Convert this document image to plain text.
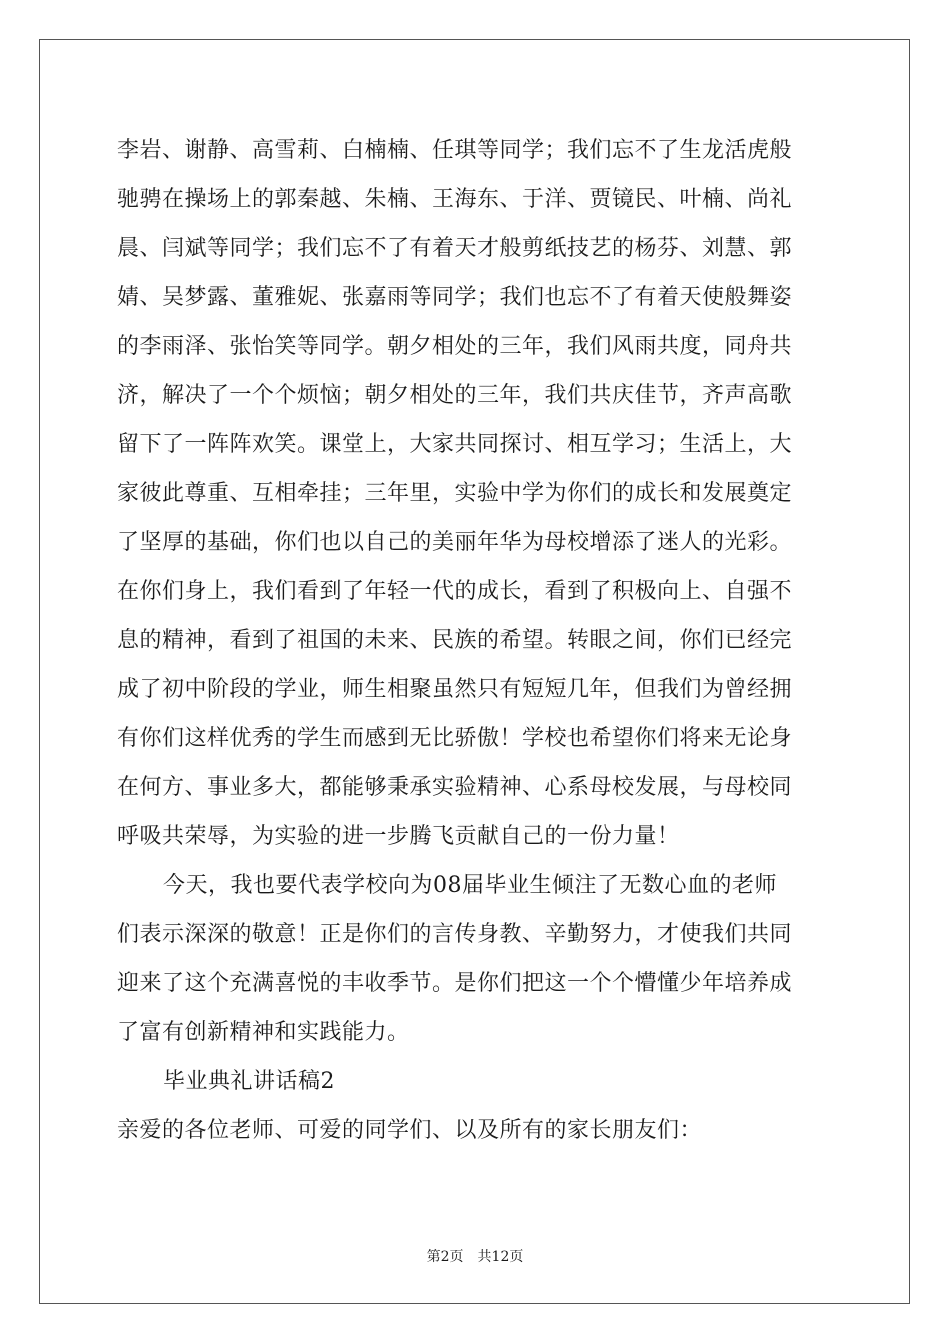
李岩、谢静、高雪莉、白楠楠、任琪等同学；我们忘不了生龙活虎般
驰骋在操场上的郭秦越、朱楠、王海东、于洋、贾镜民、叶楠、尚礼
晨、闫斌等同学；我们忘不了有着天才般剪纸技艺的杨芬、刘慧、郭
婧、吴梦露、董雅妮、张嘉雨等同学；我们也忘不了有着天使般舞姿
的李雨泽、张怡笑等同学。朝夕相处的三年，我们风雨共度，同舟共
济，解决了一个个烦恼；朝夕相处的三年，我们共庆佳节，齐声高歌
留下了一阵阵欢笑。课堂上，大家共同探讨、相互学习；生活上，大
家彼此尊重、互相牵挂；三年里，实验中学为你们的成长和发展奠定
了坚厚的基础，你们也以自己的美丽年华为母校增添了迷人的光彩。
在你们身上，我们看到了年轻一代的成长，看到了积极向上、自强不
息的精神，看到了祖国的未来、民族的希望。转眼之间，你们已经完
成了初中阶段的学业，师生相聚虽然只有短短几年，但我们为曾经拥
有你们这样优秀的学生而感到无比骄傲！学校也希望你们将来无论身
在何方、事业多大，都能够秉承实验精神、心系母校发展，与母校同
呼吸共荣辱，为实验的进一步腾飞贡献自己的一份力量！
今天，我也要代表学校向为08届毕业生倾注了无数心血的老师
们表示深深的敬意！正是你们的言传身教、辛勤努力，才使我们共同
迎来了这个充满喜悦的丰收季节。是你们把这一个个懵懂少年培养成
了富有创新精神和实践能力。
毕业典礼讲话稿2
亲爱的各位老师、可爱的同学们、以及所有的家长朋友们：
第2页 共12页
